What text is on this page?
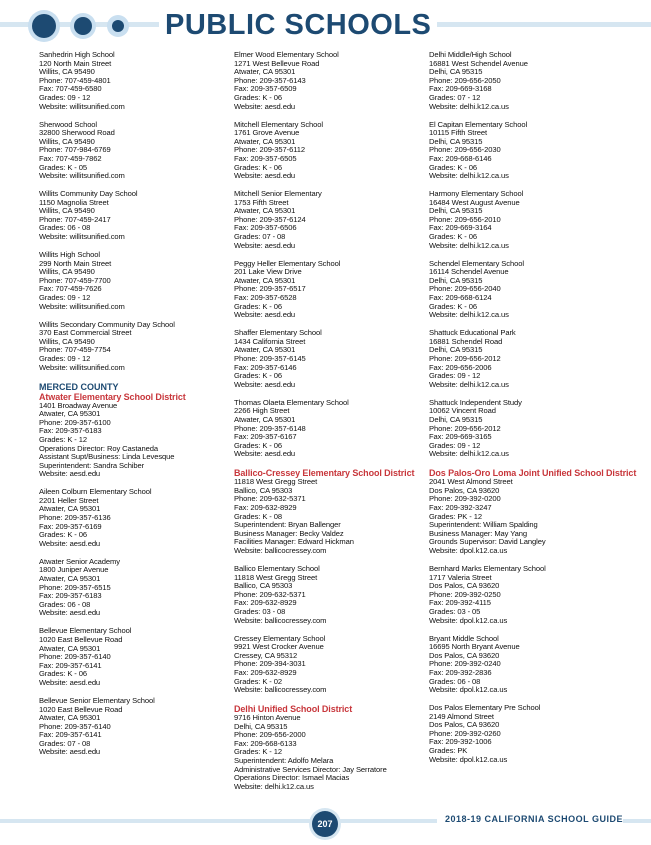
PUBLIC SCHOOLS
Sanhedrin High School
120 North Main Street
Willits, CA 95490
Phone: 707-459-4801
Fax: 707-459-6580
Grades: 09 - 12
Website: willitsunified.com
Sherwood School
32800 Sherwood Road
Willits, CA 95490
Phone: 707-984-6769
Fax: 707-459-7862
Grades: K - 05
Website: willitsunified.com
Willits Community Day School
1150 Magnolia Street
Willits, CA 95490
Phone: 707-459-2417
Grades: 06 - 08
Website: willitsunified.com
Willits High School
299 North Main Street
Willits, CA 95490
Phone: 707-459-7700
Fax: 707-459-7626
Grades: 09 - 12
Website: willitsunified.com
Willits Secondary Community Day School
370 East Commercial Street
Willits, CA 95490
Phone: 707-459-7754
Grades: 09 - 12
Website: willitsunified.com
MERCED COUNTY
Atwater Elementary School District
1401 Broadway Avenue
Atwater, CA 95301
Phone: 209-357-6100
Fax: 209-357-6183
Grades: K - 12
Operations Director: Roy Castaneda
Assistant Supt/Business: Linda Levesque
Superintendent: Sandra Schiber
Website: aesd.edu
Aileen Colburn Elementary School
2201 Heller Street
Atwater, CA 95301
Phone: 209-357-6136
Fax: 209-357-6169
Grades: K - 06
Website: aesd.edu
Atwater Senior Academy
1800 Juniper Avenue
Atwater, CA 95301
Phone: 209-357-6515
Fax: 209-357-6183
Grades: 06 - 08
Website: aesd.edu
Bellevue Elementary School
1020 East Bellevue Road
Atwater, CA 95301
Phone: 209-357-6140
Fax: 209-357-6141
Grades: K - 06
Website: aesd.edu
Bellevue Senior Elementary School
1020 East Bellevue Road
Atwater, CA 95301
Phone: 209-357-6140
Fax: 209-357-6141
Grades: 07 - 08
Website: aesd.edu
Elmer Wood Elementary School
1271 West Bellevue Road
Atwater, CA 95301
Phone: 209-357-6143
Fax: 209-357-6509
Grades: K - 06
Website: aesd.edu
Mitchell Elementary School
1761 Grove Avenue
Atwater, CA 95301
Phone: 209-357-6112
Fax: 209-357-6505
Grades: K - 06
Website: aesd.edu
Mitchell Senior Elementary
1753 Fifth Street
Atwater, CA 95301
Phone: 209-357-6124
Fax: 209-357-6506
Grades: 07 - 08
Website: aesd.edu
Peggy Heller Elementary School
201 Lake View Drive
Atwater, CA 95301
Phone: 209-357-6517
Fax: 209-357-6528
Grades: K - 06
Website: aesd.edu
Shaffer Elementary School
1434 California Street
Atwater, CA 95301
Phone: 209-357-6145
Fax: 209-357-6146
Grades: K - 06
Website: aesd.edu
Thomas Olaeta Elementary School
2266 High Street
Atwater, CA 95301
Phone: 209-357-6148
Fax: 209-357-6167
Grades: K - 06
Website: aesd.edu
Ballico-Cressey Elementary School District
11818 West Gregg Street
Ballico, CA 95303
Phone: 209-632-5371
Fax: 209-632-8929
Grades: K - 08
Superintendent: Bryan Ballenger
Business Manager: Becky Valdez
Facilities Manager: Edward Hickman
Website: ballicocressey.com
Ballico Elementary School
11818 West Gregg Street
Ballico, CA 95303
Phone: 209-632-5371
Fax: 209-632-8929
Grades: 03 - 08
Website: ballicocressey.com
Cressey Elementary School
9921 West Crocker Avenue
Cressey, CA 95312
Phone: 209-394-3031
Fax: 209-632-8929
Grades: K - 02
Website: ballicocressey.com
Delhi Unified School District
9716 Hinton Avenue
Delhi, CA 95315
Phone: 209-656-2000
Fax: 209-668-6133
Grades: K - 12
Superintendent: Adolfo Melara
Administrative Services Director: Jay Serratore
Operations Director: Ismael Macias
Website: delhi.k12.ca.us
Delhi Middle/High School
16881 West Schendel Avenue
Delhi, CA 95315
Phone: 209-656-2050
Fax: 209-669-3168
Grades: 07 - 12
Website: delhi.k12.ca.us
El Capitan Elementary School
10115 Fifth Street
Delhi, CA 95315
Phone: 209-656-2030
Fax: 209-668-6146
Grades: K - 06
Website: delhi.k12.ca.us
Harmony Elementary School
16484 West August Avenue
Delhi, CA 95315
Phone: 209-656-2010
Fax: 209-669-3164
Grades: K - 06
Website: delhi.k12.ca.us
Schendel Elementary School
16114 Schendel Avenue
Delhi, CA 95315
Phone: 209-656-2040
Fax: 209-668-6124
Grades: K - 06
Website: delhi.k12.ca.us
Shattuck Educational Park
16881 Schendel Road
Delhi, CA 95315
Phone: 209-656-2012
Fax: 209-656-2006
Grades: 09 - 12
Website: delhi.k12.ca.us
Shattuck Independent Study
10062 Vincent Road
Delhi, CA 95315
Phone: 209-656-2012
Fax: 209-669-3165
Grades: 09 - 12
Website: delhi.k12.ca.us
Dos Palos-Oro Loma Joint Unified School District
2041 West Almond Street
Dos Palos, CA 93620
Phone: 209-392-0200
Fax: 209-392-3247
Grades: PK - 12
Superintendent: William Spalding
Business Manager: May Yang
Grounds Supervisor: David Langley
Website: dpol.k12.ca.us
Bernhard Marks Elementary School
1717 Valeria Street
Dos Palos, CA 93620
Phone: 209-392-0250
Fax: 209-392-4115
Grades: 03 - 05
Website: dpol.k12.ca.us
Bryant Middle School
16695 North Bryant Avenue
Dos Palos, CA 93620
Phone: 209-392-0240
Fax: 209-392-2836
Grades: 06 - 08
Website: dpol.k12.ca.us
Dos Palos Elementary Pre School
2149 Almond Street
Dos Palos, CA 93620
Phone: 209-392-0260
Fax: 209-392-1006
Grades: PK
Website: dpol.k12.ca.us
207	2018-19 CALIFORNIA SCHOOL GUIDE
